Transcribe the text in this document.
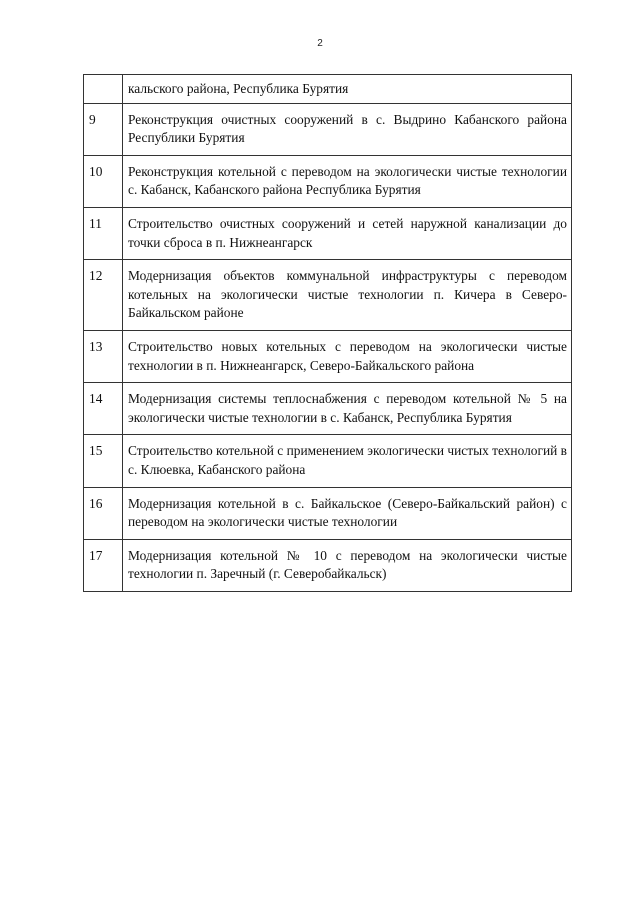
2
	кальского района, Республика Бурятия
9	Реконструкция очистных сооружений в с. Выдрино Кабанского района Республики Бурятия
10	Реконструкция котельной с переводом на экологически чистые технологии с. Кабанск, Кабанского района Республика Бурятия
11	Строительство очистных сооружений и сетей наружной канализации до точки сброса в п. Нижнеангарск
12	Модернизация объектов коммунальной инфраструктуры с переводом котельных на экологически чистые технологии п. Кичера в Северо-Байкальском районе
13	Строительство новых котельных с переводом на экологически чистые технологии в п. Нижнеангарск, Северо-Байкальского района
14	Модернизация системы теплоснабжения с переводом котельной № 5 на экологически чистые технологии в с. Кабанск, Республика Бурятия
15	Строительство котельной с применением экологически чистых технологий в с. Клюевка, Кабанского района
16	Модернизация котельной в с. Байкальское (Северо-Байкальский район) с переводом на экологически чистые технологии
17	Модернизация котельной № 10 с переводом на экологически чистые технологии п. Заречный (г. Северобайкальск)
